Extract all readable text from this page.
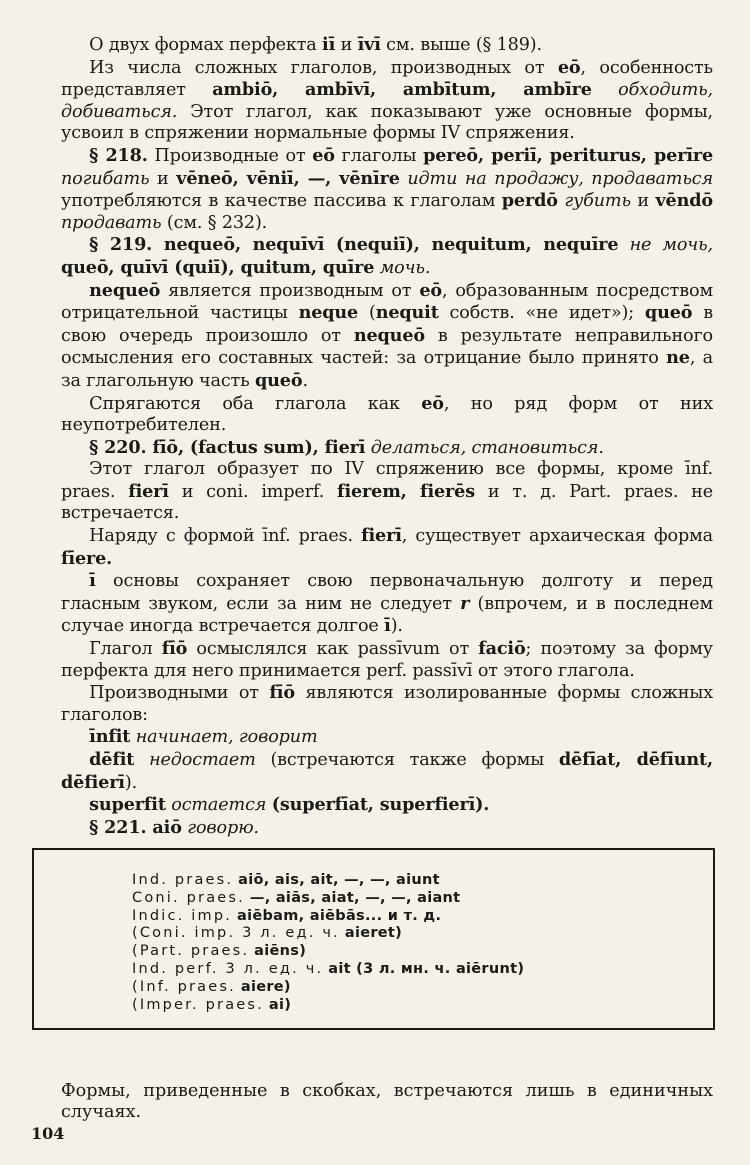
О двух формах перфекта iī и īvī см. выше (§ 189).

Из числа сложных глаголов, производных от eō, особенность представляет ambiō, ambīvī, ambītum, ambīre обходить, добиваться. Этот глагол, как показывают уже основные формы, усвоил в спряжении нормальные формы IV спряжения.

§ 218. Производные от eō глаголы pereō, periī, periturus, perīre погибать и vēneō, vēniī, —, vēnīre идти на продажу, продаваться употребляются в качестве пассива к глаголам perdō губить и vēndō продавать (см. § 232).

§ 219. nequeō, nequīvī (nequiī), nequitum, nequīre не мочь, queō, quīvī (quiī), quitum, quīre мочь.

nequeō является производным от eō, образованным посредством отрицательной частицы neque (nequit собств. «не идет»); queō в свою очередь произошло от nequeō в результате неправильного осмысления его составных частей: за отрицание было принято ne, а за глагольную часть queō.

Спрягаются оба глагола как eō, но ряд форм от них неупотребителен.

§ 220. fīō, (factus sum), fierī делаться, становиться.

Этот глагол образует по IV спряжению все формы, кроме īnf. praes. fierī и coni. imperf. fierem, fierēs и т. д. Part. praes. не встречается.

Наряду с формой īnf. praes. fierī, существует архаическая форма fīere.

ī основы сохраняет свою первоначальную долготу и перед гласным звуком, если за ним не следует r (впрочем, и в последнем случае иногда встречается долгое ī).

Глагол fīō осмыслялся как passīvum от faciō; поэтому за форму перфекта для него принимается perf. passīvī от этого глагола.

Производными от fīō являются изолированные формы сложных глаголов:

īnfit начинает, говорит

dēfit недостает (встречаются также формы dēfīat, dēfīunt, dēfierī).

superfit остается (superfīat, superfierī).

§ 221. aiō говорю.

Ind. praes. aiō, ais, ait, —, —, aiunt
Coni. praes. —, aiās, aiat, —, —, aiant
Indic. imp. aiēbam, aiēbās... и т. д.
(Coni. imp. 3 л. ед. ч. aieret)
(Part. praes. aiēns)
Ind. perf. 3 л. ед. ч. ait (3 л. мн. ч. aiērunt)
(Inf. praes. aiere)
(Imper. praes. ai)

Формы, приведенные в скобках, встречаются лишь в единичных случаях.

104
